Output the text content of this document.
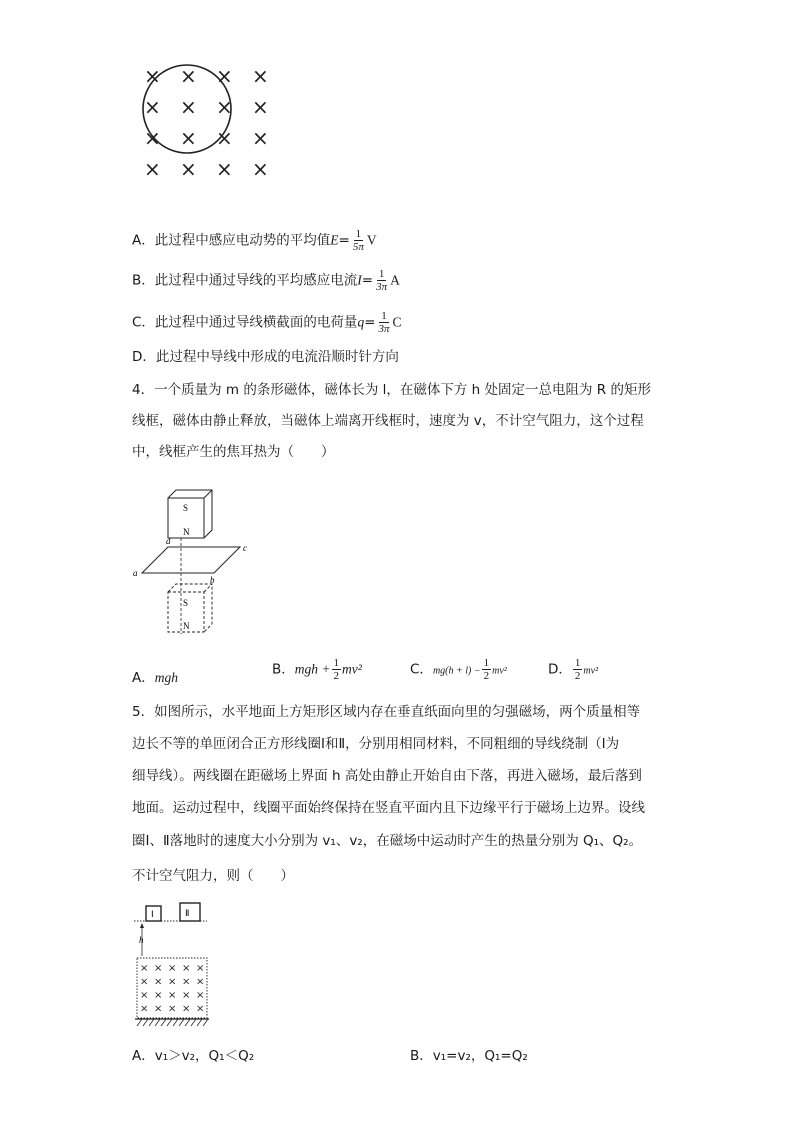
× × × ×
× × × ×
× × × ×
× × × ×
A．此过程中感应电动势的平均值$E= \frac{1}{5\pi}$ V
B．此过程中通过导线的平均感应电流$I= \frac{1}{3\pi}$ A
C．此过程中通过导线横截面的电荷量$q= \frac{1}{3\pi}$ C
D．此过程中导线中形成的电流沿顺时针方向
4．一个质量为 m 的条形磁体，磁体长为 l，在磁体下方 h 处固定一总电阻为 R 的矩形
线框，磁体由静止释放，当磁体上端离开线框时，速度为 v，不计空气阻力，这个过程
中，线框产生的焦耳热为（　　）
S
N
a
b
c
d
S
N
A．mgh	B．mgh + $\frac{1}{2} mv^2$	C．$mg(h + l) - \frac{1}{2} mv^2$	D． $\frac{1}{2} mv^2$
5．如图所示，水平地面上方矩形区域内存在垂直纸面向里的匀强磁场，两个质量相等
边长不等的单匝闭合正方形线圈Ⅰ和Ⅱ，分别用相同材料，不同粗细的导线绕制（Ⅰ为
细导线）。两线圈在距磁场上界面 h 高处由静止开始自由下落，再进入磁场，最后落到
地面。运动过程中，线圈平面始终保持在竖直平面内且下边缘平行于磁场上边界。设线
圈Ⅰ、Ⅱ落地时的速度大小分别为 v₁、v₂，在磁场中运动时产生的热量分别为 Q₁、Q₂。
不计空气阻力，则（　　）
Ⅰ	Ⅱ
h
× × × × ×
× × × × ×
× × × × ×
× × × × ×
A．v₁＞v₂，Q₁＜Q₂	B．v₁=v₂，Q₁=Q₂
